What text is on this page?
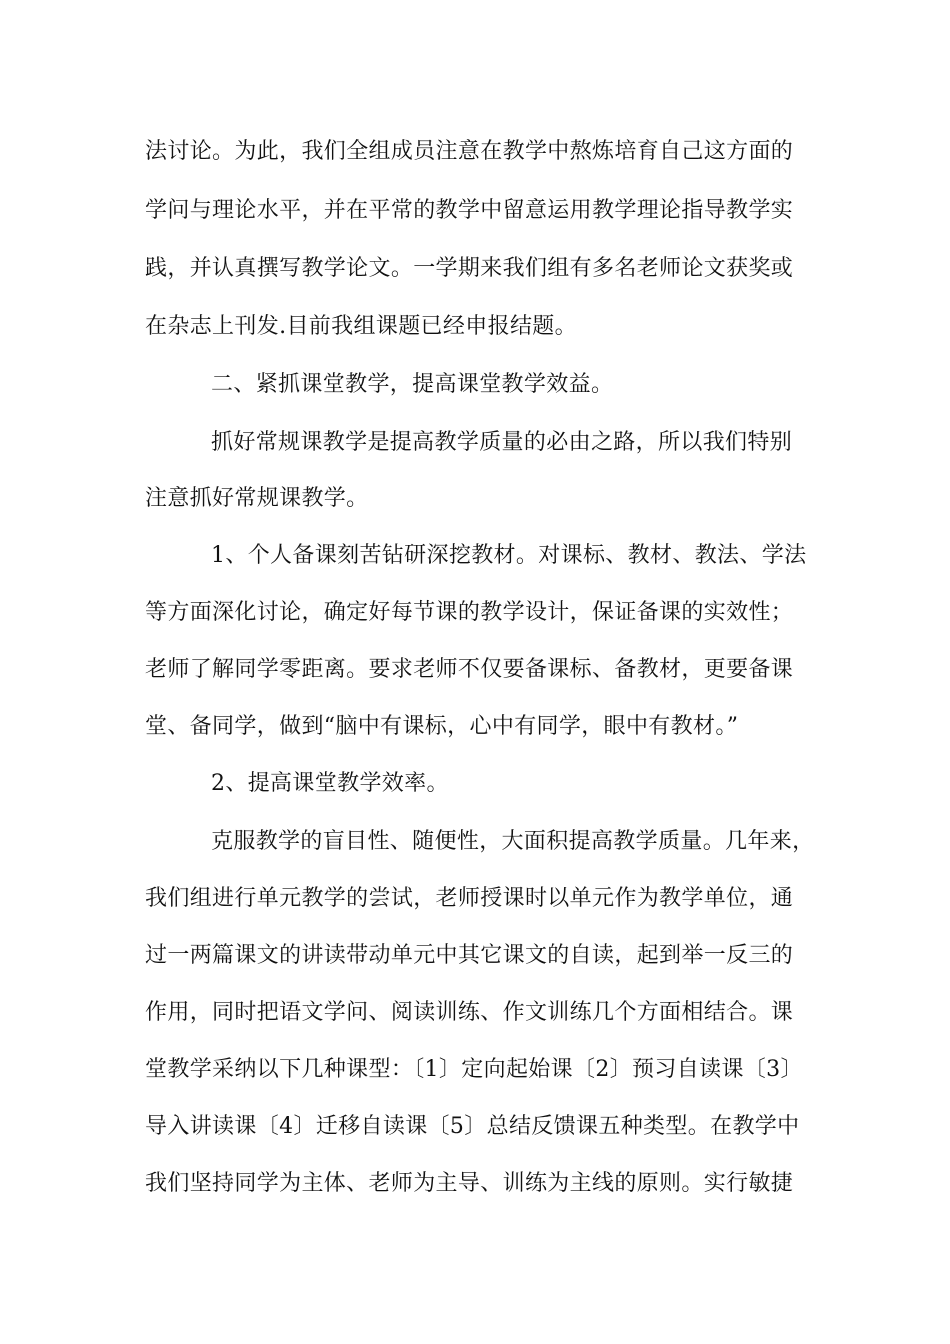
法讨论。为此，我们全组成员注意在教学中熬炼培育自己这方面的
学问与理论水平，并在平常的教学中留意运用教学理论指导教学实
践，并认真撰写教学论文。一学期来我们组有多名老师论文获奖或
在杂志上刊发.目前我组课题已经申报结题。
二、紧抓课堂教学，提高课堂教学效益。
抓好常规课教学是提高教学质量的必由之路，所以我们特别
注意抓好常规课教学。
1、个人备课刻苦钻研深挖教材。对课标、教材、教法、学法
等方面深化讨论，确定好每节课的教学设计，保证备课的实效性；
老师了解同学零距离。要求老师不仅要备课标、备教材，更要备课
堂、备同学，做到“脑中有课标，心中有同学，眼中有教材。”
2、提高课堂教学效率。
克服教学的盲目性、随便性，大面积提高教学质量。几年来，
我们组进行单元教学的尝试，老师授课时以单元作为教学单位，通
过一两篇课文的讲读带动单元中其它课文的自读，起到举一反三的
作用，同时把语文学问、阅读训练、作文训练几个方面相结合。课
堂教学采纳以下几种课型：〔1〕定向起始课〔2〕预习自读课〔3〕
导入讲读课〔4〕迁移自读课〔5〕总结反馈课五种类型。在教学中
我们坚持同学为主体、老师为主导、训练为主线的原则。实行敏捷
